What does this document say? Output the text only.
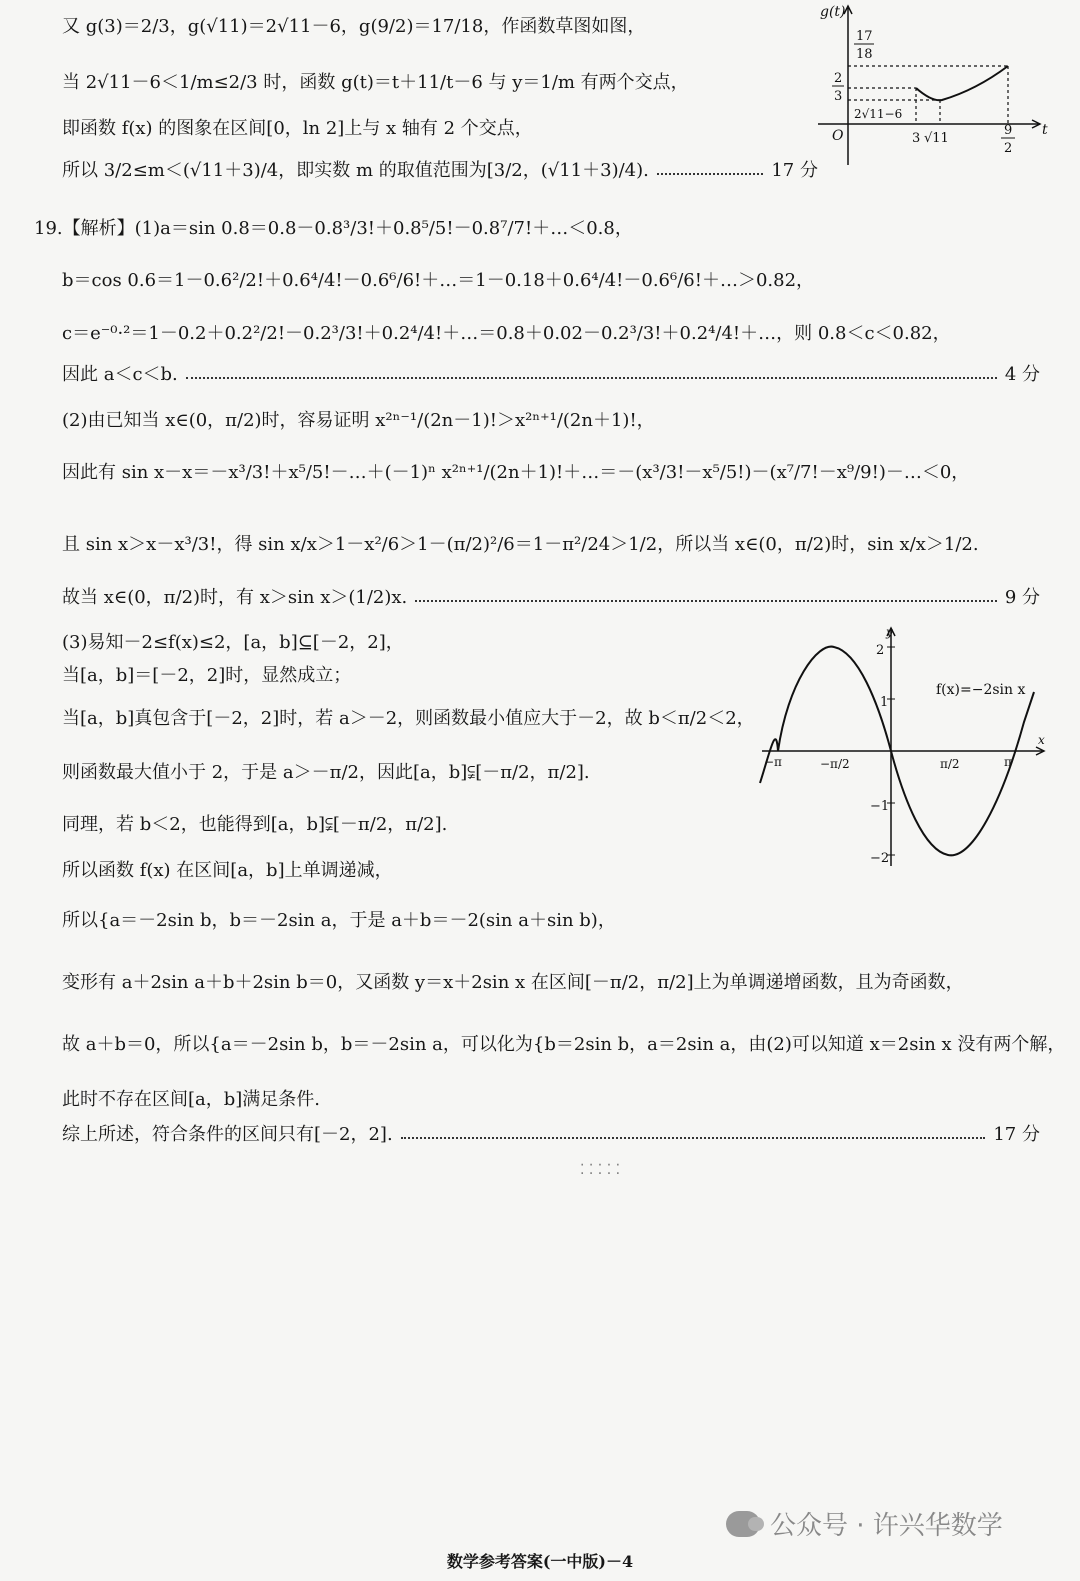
又 g(3)＝2/3，g(√11)＝2√11－6，g(9/2)＝17/18，作函数草图如图，
当 2√11－6＜1/m≤2/3 时，函数 g(t)＝t＋11/t－6 与 y＝1/m 有两个交点，
即函数 f(x) 的图象在区间[0，ln 2]上与 x 轴有 2 个交点，
所以 3/2≤m＜(√11＋3)/4，即实数 m 的取值范围为[3/2，(√11＋3)/4).	17 分
19.【解析】(1)a＝sin 0.8＝0.8－0.8³/3!＋0.8⁵/5!－0.8⁷/7!＋…＜0.8，
b＝cos 0.6＝1－0.6²/2!＋0.6⁴/4!－0.6⁶/6!＋…＝1－0.18＋0.6⁴/4!－0.6⁶/6!＋…＞0.82，
c＝e⁻⁰·²＝1－0.2＋0.2²/2!－0.2³/3!＋0.2⁴/4!＋…＝0.8＋0.02－0.2³/3!＋0.2⁴/4!＋…，则 0.8＜c＜0.82，
因此 a＜c＜b.	4 分
(2)由已知当 x∈(0，π/2)时，容易证明 x²ⁿ⁻¹/(2n－1)!＞x²ⁿ⁺¹/(2n＋1)!，
因此有 sin x－x＝－x³/3!＋x⁵/5!－…＋(－1)ⁿ x²ⁿ⁺¹/(2n＋1)!＋…＝－(x³/3!－x⁵/5!)－(x⁷/7!－x⁹/9!)－…＜0，
且 sin x＞x－x³/3!，得 sin x/x＞1－x²/6＞1－(π/2)²/6＝1－π²/24＞1/2，所以当 x∈(0，π/2)时，sin x/x＞1/2.
故当 x∈(0，π/2)时，有 x＞sin x＞(1/2)x.	9 分
(3)易知－2≤f(x)≤2，[a，b]⊆[－2，2]，
当[a，b]＝[－2，2]时，显然成立；
当[a，b]真包含于[－2，2]时，若 a＞－2，则函数最小值应大于－2，故 b＜π/2＜2，
则函数最大值小于 2，于是 a＞－π/2，因此[a，b]⫋[－π/2，π/2].
同理，若 b＜2，也能得到[a，b]⫋[－π/2，π/2].
所以函数 f(x) 在区间[a，b]上单调递减，
所以{a＝－2sin b，b＝－2sin a，于是 a＋b＝－2(sin a＋sin b)，
变形有 a＋2sin a＋b＋2sin b＝0，又函数 y＝x＋2sin x 在区间[－π/2，π/2]上为单调递增函数，且为奇函数，
故 a＋b＝0，所以{a＝－2sin b，b＝－2sin a，可以化为{b＝2sin b，a＝2sin a，由(2)可以知道 x＝2sin x 没有两个解，
此时不存在区间[a，b]满足条件.
综上所述，符合条件的区间只有[－2，2].	17 分
g(t)
t
O
17
18
2
3
2√11−6
3 √11
9
2
x
y
2
1
−1
−2
−π	−π/2	π/2	π
f(x)=−2sin x
⁚ ⁚ ⁚ ⁚ ⁚
公众号 · 许兴华数学
数学参考答案(一中版)－4
